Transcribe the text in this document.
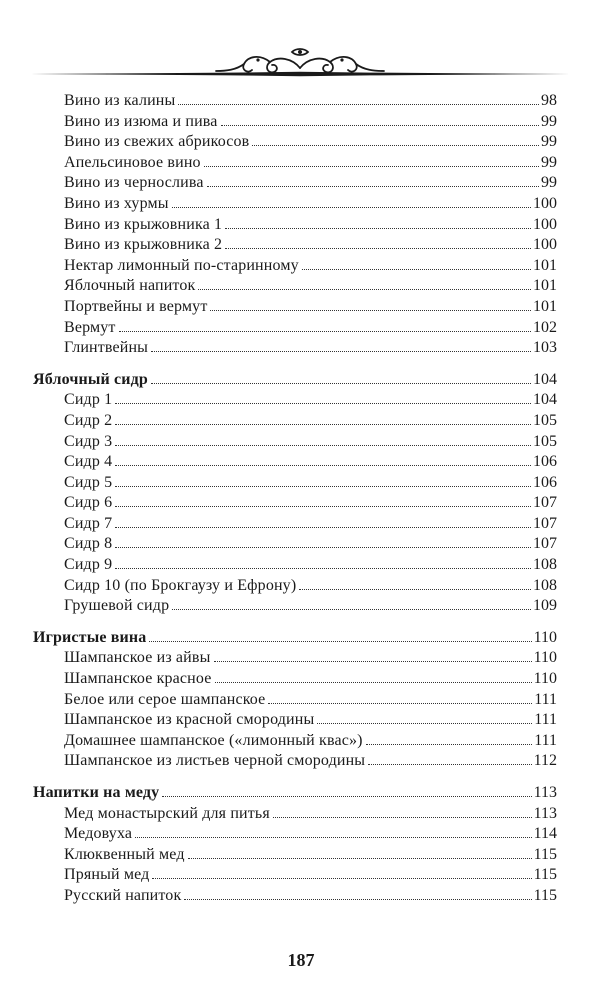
Вино из калины	98
Вино из изюма и пива	99
Вино из свежих абрикосов	99
Апельсиновое вино	99
Вино из чернослива	99
Вино из хурмы	100
Вино из крыжовника 1	100
Вино из крыжовника 2	100
Нектар лимонный по-старинному	101
Яблочный напиток	101
Портвейны и вермут	101
Вермут	102
Глинтвейны	103
Яблочный сидр	104
Сидр 1	104
Сидр 2	105
Сидр 3	105
Сидр 4	106
Сидр 5	106
Сидр 6	107
Сидр 7	107
Сидр 8	107
Сидр 9	108
Сидр 10 (по Брокгаузу и Ефрону)	108
Грушевой сидр	109
Игристые вина	110
Шампанское из айвы	110
Шампанское красное	110
Белое или серое шампанское	111
Шампанское из красной смородины	111
Домашнее шампанское («лимонный квас»)	111
Шампанское из листьев черной смородины	112
Напитки на меду	113
Мед монастырский для питья	113
Медовуха	114
Клюквенный мед	115
Пряный мед	115
Русский напиток	115
187
